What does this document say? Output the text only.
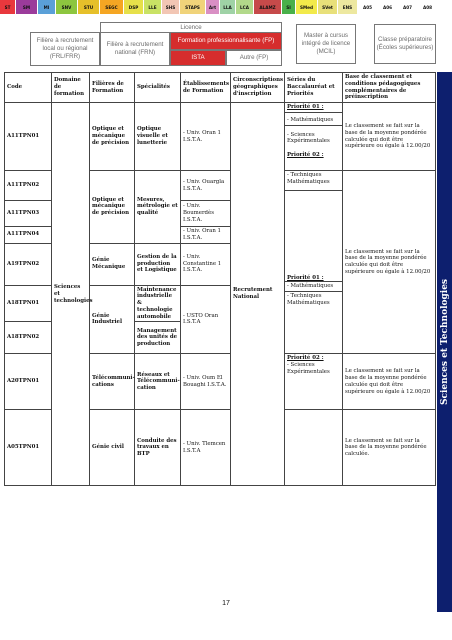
ST	SM	MI	SNV	STU	SEGC	DSP	LLE	SHS	STAPS	Art	LLA	LCA	ALAMZ	SI	SMed	SVet	ENS	A05	A06	A07	A08
Licence
Filière à recrutement local ou régional (FRL/FRR)
Filière à recrutement national (FRN)
Formation professionnalisante (FP)
ISTA	Autre (FP)
Master à cursus intégré de licence (MCIL)
Classe préparatoire (Écoles supérieures)
Code	Domaine de formation	Filières de Formation	Spécialités	Établissements de Formation	Circonscriptions géographiques d'inscription	Séries du Baccalauréat et Priorités	Base de classement et conditions pédagogiques complémentaires de préinscription
A11TPN01	Sciences et technologies	Optique et mécanique de précision	Optique visuelle et lunetterie	- Univ. Oran 1 I.S.T.A.	Recrutement National	Priorité 01 :
- Mathématiques
- Sciences Expérimentales
Priorité 02 :	Le classement se fait sur la base de la moyenne pondérée calculée qui doit être supérieure ou égale à 12.00/20
A11TPN02		Optique et mécanique de précision	Mesures, métrologie et qualité	- Univ. Ouargla I.S.T.A.		- Techniques Mathématiques
Priorité 01 :
- Mathématiques
- Techniques Mathématiques	Le classement se fait sur la base de la moyenne pondérée calculée qui doit être supérieure ou égale à 12.00/20
A11TPN03				- Univ. Boumerdès I.S.T.A.			
A11TPN04				- Univ. Oran 1 I.S.T.A.			
A19TPN02		Génie Mécanique	Gestion de la production et Logistique	- Univ. Constantine 1 I.S.T.A.			
A18TPN01		Génie Industriel	Maintenance industrielle & technologie automobile	- USTO Oran I.S.T.A			
A18TPN02			Management des unités de production				
A20TPN01		Télécommuni-cations	Réseaux et Télécommuni-cation	- Univ. Oum El Bouaghi I.S.T.A.		Priorité 02 :
- Sciences Expérimentales	Le classement se fait sur la base de la moyenne pondérée calculée qui doit être supérieure ou égale à 12.00/20
A05TPN01		Génie civil	Conduite des travaux en BTP	- Univ. Tlemcen I.S.T.A			Le classement se fait sur la base de la moyenne pondérée calculée.
Sciences et Technologies
17
